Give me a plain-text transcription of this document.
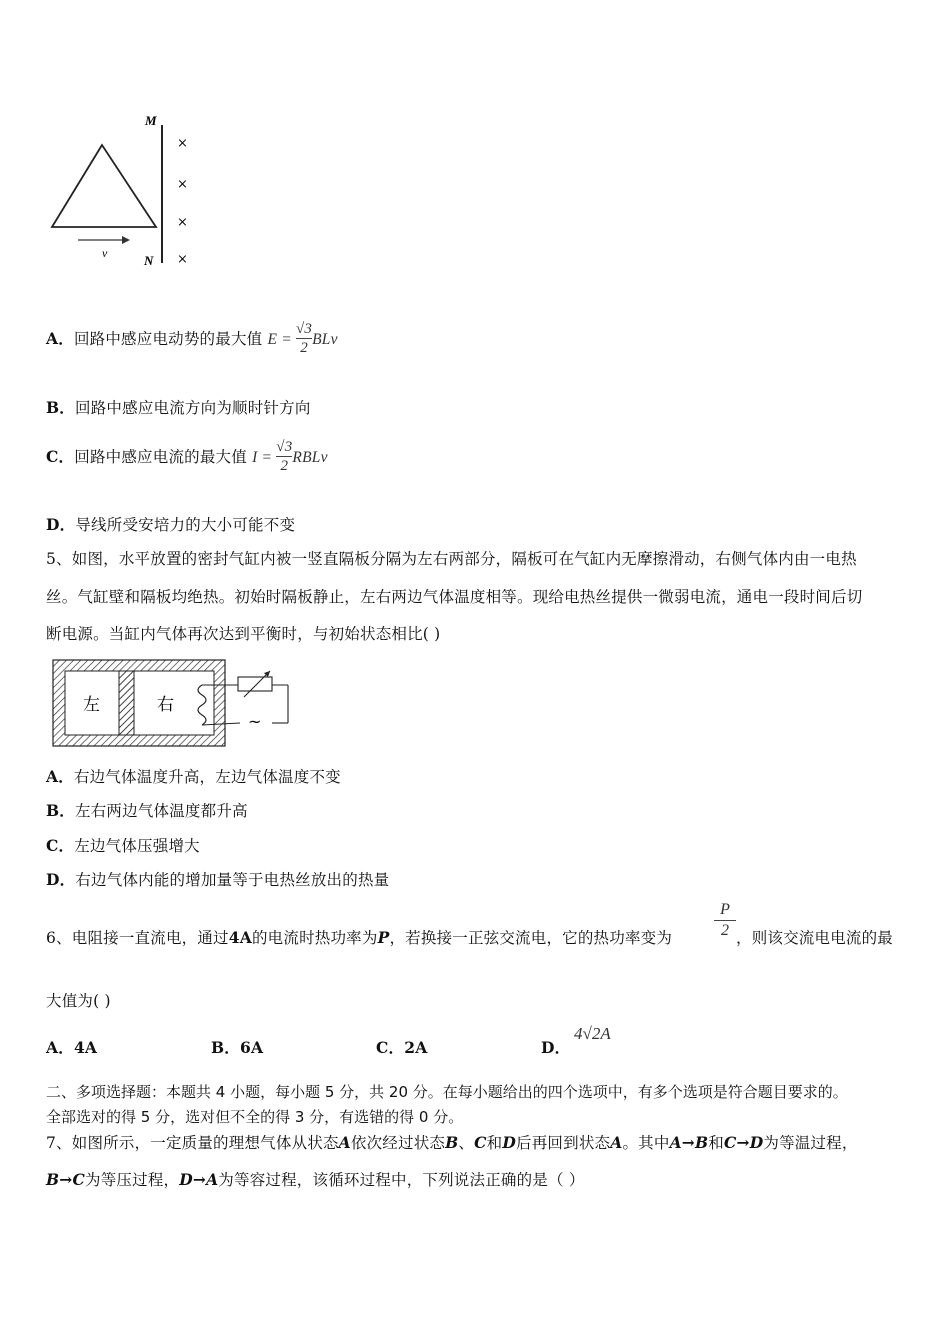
M
N
v
×
×
×
×
A．回路中感应电动势的最大值 $E = \frac{√3}{2}$ BLv
B．回路中感应电流方向为顺时针方向
C．回路中感应电流的最大值 $I = \frac{√3}{2}$ RBLv
D．导线所受安培力的大小可能不变
5、如图，水平放置的密封气缸内被一竖直隔板分隔为左右两部分，隔板可在气缸内无摩擦滑动，右侧气体内由一电热
丝。气缸壁和隔板均绝热。初始时隔板静止，左右两边气体温度相等。现给电热丝提供一微弱电流，通电一段时间后切
断电源。当缸内气体再次达到平衡时，与初始状态相比( )
左	右
~
A．右边气体温度升高，左边气体温度不变
B．左右两边气体温度都升高
C．左边气体压强增大
D．右边气体内能的增加量等于电热丝放出的热量
6、电阻接一直流电，通过4A的电流时热功率为P，若换接一正弦交流电，它的热功率变为	$\frac{P}{2}$ ，则该交流电电流的最
大值为( )
A．4A	B．6A	C．2A	D．
4√2A
二、多项选择题：本题共 4 小题，每小题 5 分，共 20 分。在每小题给出的四个选项中，有多个选项是符合题目要求的。
全部选对的得 5 分，选对但不全的得 3 分，有选错的得 0 分。
7、如图所示，一定质量的理想气体从状态A依次经过状态B、C和D后再回到状态A。其中A→B和C→D为等温过程，
B→C为等压过程，D→A为等容过程，该循环过程中，下列说法正确的是（ ）
